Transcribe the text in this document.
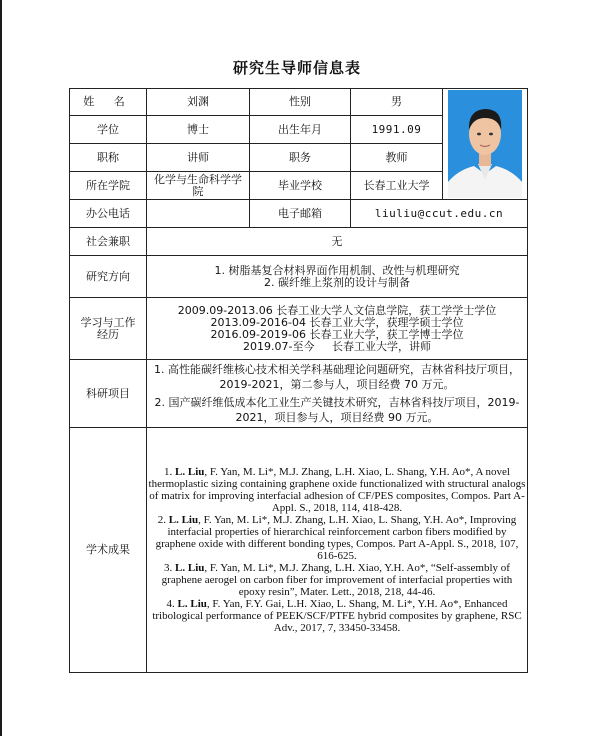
研究生导师信息表
姓 名	刘渊	性别	男	
学位	博士	出生年月	1991.09	
职称	讲师	职务	教师	
所在学院	化学与生命科学学院	毕业学校	长春工业大学	
办公电话		电子邮箱	liuliu@ccut.edu.cn	
社会兼职	无			
研究方向	1. 树脂基复合材料界面作用机制、改性与机理研究
2. 碳纤维上浆剂的设计与制备			

学习与工作经历	2009.09-2013.06 长春工业大学人文信息学院，获工学学士学位
2013.09-2016-04 长春工业大学，获理学硕士学位
2016.09-2019-06 长春工业大学，获工学博士学位
2019.07-至今     长春工业大学，讲师			

科研项目	1. 高性能碳纤维核心技术相关学科基础理论问题研究，吉林省科技厅项目，2019-2021，第二参与人，项目经费 70 万元。

2. 国产碳纤维低成本化工业生产关键技术研究，吉林省科技厅项目，2019-2021，项目参与人，项目经费 90 万元。			

学术成果	1. L. Liu, F. Yan, M. Li*, M.J. Zhang, L.H. Xiao, L. Shang, Y.H. Ao*, A novel thermoplastic sizing containing graphene oxide functionalized with structural analogs of matrix for improving interfacial adhesion of CF/PES composites, Compos. Part A-Appl. S., 2018, 114, 418-428.

2. L. Liu, F. Yan, M. Li*, M.J. Zhang, L.H. Xiao, L. Shang, Y.H. Ao*, Improving interfacial properties of hierarchical reinforcement carbon fibers modified by graphene oxide with different bonding types, Compos. Part A-Appl. S., 2018, 107, 616-625.

3. L. Liu, F. Yan, M. Li*, M.J. Zhang, L.H. Xiao, Y.H. Ao*, “Self-assembly of graphene aerogel on carbon fiber for improvement of interfacial properties with epoxy resin”, Mater. Lett., 2018, 218, 44-46.

4. L. Liu, F. Yan, F.Y. Gai, L.H. Xiao, L. Shang, M. Li*, Y.H. Ao*, Enhanced tribological performance of PEEK/SCF/PTFE hybrid composites by graphene, RSC Adv., 2017, 7, 33450-33458.			
